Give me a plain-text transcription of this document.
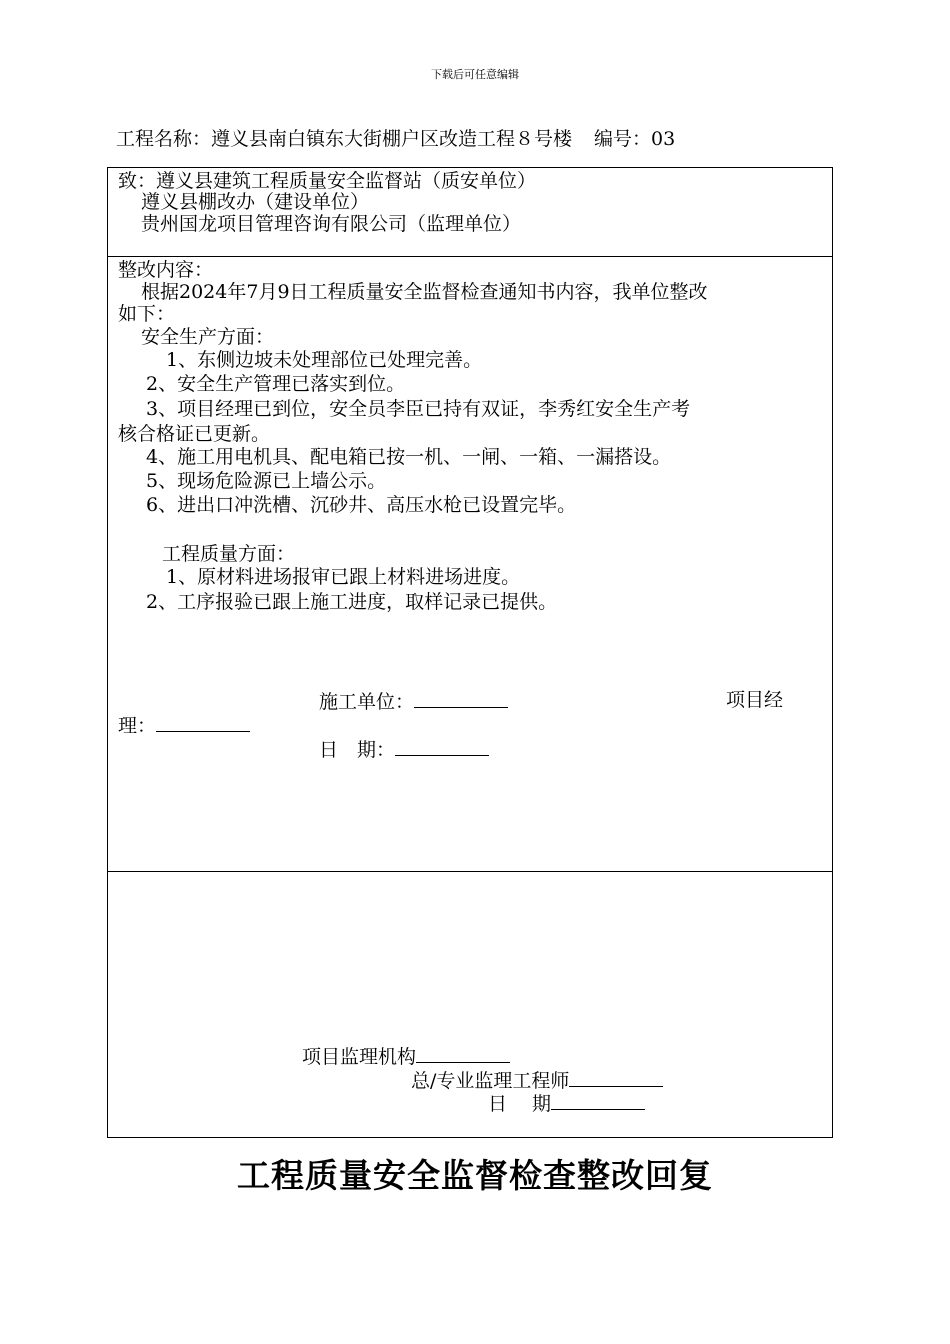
下载后可任意编辑
工程名称：遵义县南白镇东大街棚户区改造工程８号楼 编号：03
致：遵义县建筑工程质量安全监督站（质安单位）
遵义县棚改办（建设单位）
贵州国龙项目管理咨询有限公司（监理单位）
整改内容：
根据2024年7月9日工程质量安全监督检查通知书内容，我单位整改
如下：
安全生产方面：
1、东侧边坡未处理部位已处理完善。
2、安全生产管理已落实到位。
3、项目经理已到位，安全员李臣已持有双证，李秀红安全生产考
核合格证已更新。
4、施工用电机具、配电箱已按一机、一闸、一箱、一漏搭设。
5、现场危险源已上墙公示。
6、进出口冲洗槽、沉砂井、高压水枪已设置完毕。
工程质量方面：
1、原材料进场报审已跟上材料进场进度。
2、工序报验已跟上施工进度，取样记录已提供。
施工单位：	项目经
理：
日　期：
项目监理机构
总/专业监理工程师
日　 期
工程质量安全监督检查整改回复
